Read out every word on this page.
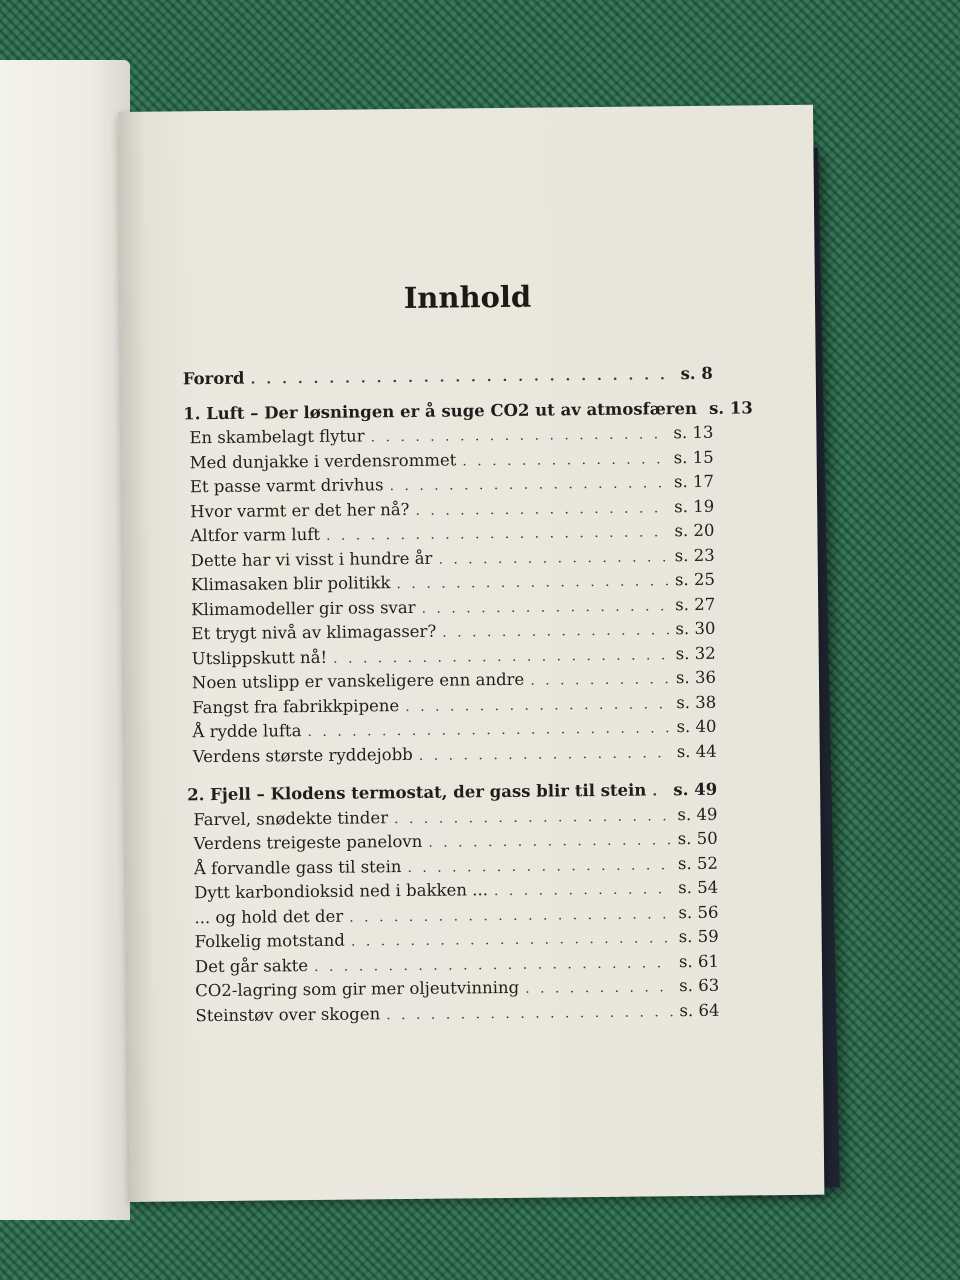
Innhold
Forord . . .	s. 8
1. Luft – Der løsningen er å suge CO2 ut av atmosfæren . . . s. 13
En skambelagt flytur . . .	s. 13
Med dunjakke i verdensrommet . . .	s. 15
Et passe varmt drivhus . . .	s. 17
Hvor varmt er det her nå? . . .	s. 19
Altfor varm luft . . .	s. 20
Dette har vi visst i hundre år . . .	s. 23
Klimasaken blir politikk . . .	s. 25
Klimamodeller gir oss svar . . .	s. 27
Et trygt nivå av klimagasser? . . .	s. 30
Utslippskutt nå! . . .	s. 32
Noen utslipp er vanskeligere enn andre . . .	s. 36
Fangst fra fabrikkpipene . . .	s. 38
Å rydde lufta . . .	s. 40
Verdens største ryddejobb . . .	s. 44
2. Fjell – Klodens termostat, der gass blir til stein . . . s. 49
Farvel, snødekte tinder . . .	s. 49
Verdens treigeste panelovn . . .	s. 50
Å forvandle gass til stein . . .	s. 52
Dytt karbondioksid ned i bakken ... . . .	s. 54
... og hold det der . . .	s. 56
Folkelig motstand . . .	s. 59
Det går sakte . . .	s. 61
CO2-lagring som gir mer oljeutvinning . . .	s. 63
Steinstøv over skogen . . .	s. 64
